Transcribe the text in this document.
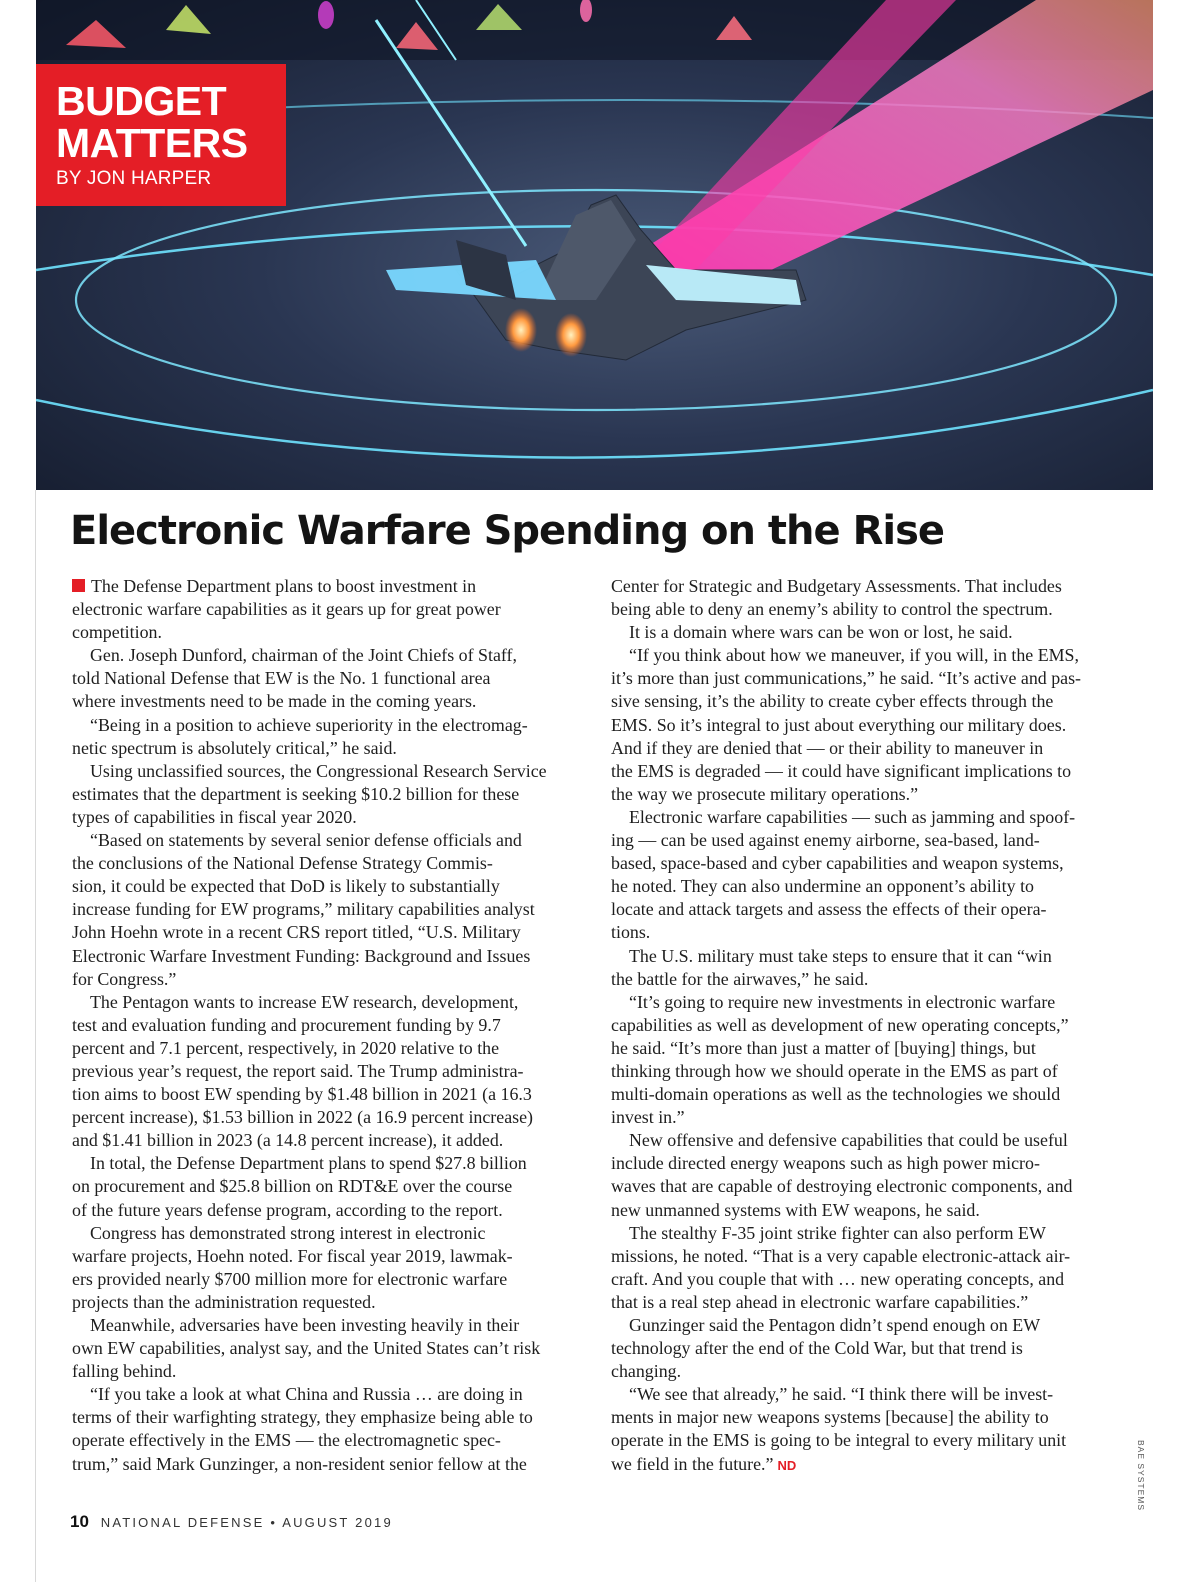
BUDGET
MATTERS
BY JON HARPER
Electronic Warfare Spending on the Rise
The Defense Department plans to boost investment in
electronic warfare capabilities as it gears up for great power
competition.
Gen. Joseph Dunford, chairman of the Joint Chiefs of Staff,
told National Defense that EW is the No. 1 functional area
where investments need to be made in the coming years.
“Being in a position to achieve superiority in the electromag-
netic spectrum is absolutely critical,” he said.
Using unclassified sources, the Congressional Research Service
estimates that the department is seeking $10.2 billion for these
types of capabilities in fiscal year 2020.
“Based on statements by several senior defense officials and
the conclusions of the National Defense Strategy Commis-
sion, it could be expected that DoD is likely to substantially
increase funding for EW programs,” military capabilities analyst
John Hoehn wrote in a recent CRS report titled, “U.S. Military
Electronic Warfare Investment Funding: Background and Issues
for Congress.”
The Pentagon wants to increase EW research, development,
test and evaluation funding and procurement funding by 9.7
percent and 7.1 percent, respectively, in 2020 relative to the
previous year’s request, the report said. The Trump administra-
tion aims to boost EW spending by $1.48 billion in 2021 (a 16.3
percent increase), $1.53 billion in 2022 (a 16.9 percent increase)
and $1.41 billion in 2023 (a 14.8 percent increase), it added.
In total, the Defense Department plans to spend $27.8 billion
on procurement and $25.8 billion on RDT&E over the course
of the future years defense program, according to the report.
Congress has demonstrated strong interest in electronic
warfare projects, Hoehn noted. For fiscal year 2019, lawmak-
ers provided nearly $700 million more for electronic warfare
projects than the administration requested.
Meanwhile, adversaries have been investing heavily in their
own EW capabilities, analyst say, and the United States can’t risk
falling behind.
“If you take a look at what China and Russia … are doing in
terms of their warfighting strategy, they emphasize being able to
operate effectively in the EMS — the electromagnetic spec-
trum,” said Mark Gunzinger, a non-resident senior fellow at the
Center for Strategic and Budgetary Assessments. That includes
being able to deny an enemy’s ability to control the spectrum.
It is a domain where wars can be won or lost, he said.
“If you think about how we maneuver, if you will, in the EMS,
it’s more than just communications,” he said. “It’s active and pas-
sive sensing, it’s the ability to create cyber effects through the
EMS. So it’s integral to just about everything our military does.
And if they are denied that — or their ability to maneuver in
the EMS is degraded — it could have significant implications to
the way we prosecute military operations.”
Electronic warfare capabilities — such as jamming and spoof-
ing — can be used against enemy airborne, sea-based, land-
based, space-based and cyber capabilities and weapon systems,
he noted. They can also undermine an opponent’s ability to
locate and attack targets and assess the effects of their opera-
tions.
The U.S. military must take steps to ensure that it can “win
the battle for the airwaves,” he said.
“It’s going to require new investments in electronic warfare
capabilities as well as development of new operating concepts,”
he said. “It’s more than just a matter of [buying] things, but
thinking through how we should operate in the EMS as part of
multi-domain operations as well as the technologies we should
invest in.”
New offensive and defensive capabilities that could be useful
include directed energy weapons such as high power micro-
waves that are capable of destroying electronic components, and
new unmanned systems with EW weapons, he said.
The stealthy F-35 joint strike fighter can also perform EW
missions, he noted. “That is a very capable electronic-attack air-
craft. And you couple that with … new operating concepts, and
that is a real step ahead in electronic warfare capabilities.”
Gunzinger said the Pentagon didn’t spend enough on EW
technology after the end of the Cold War, but that trend is
changing.
“We see that already,” he said. “I think there will be invest-
ments in major new weapons systems [because] the ability to
operate in the EMS is going to be integral to every military unit
we field in the future.” ND	BAE SYSTEMS
10 NATIONAL DEFENSE • AUGUST 2019
